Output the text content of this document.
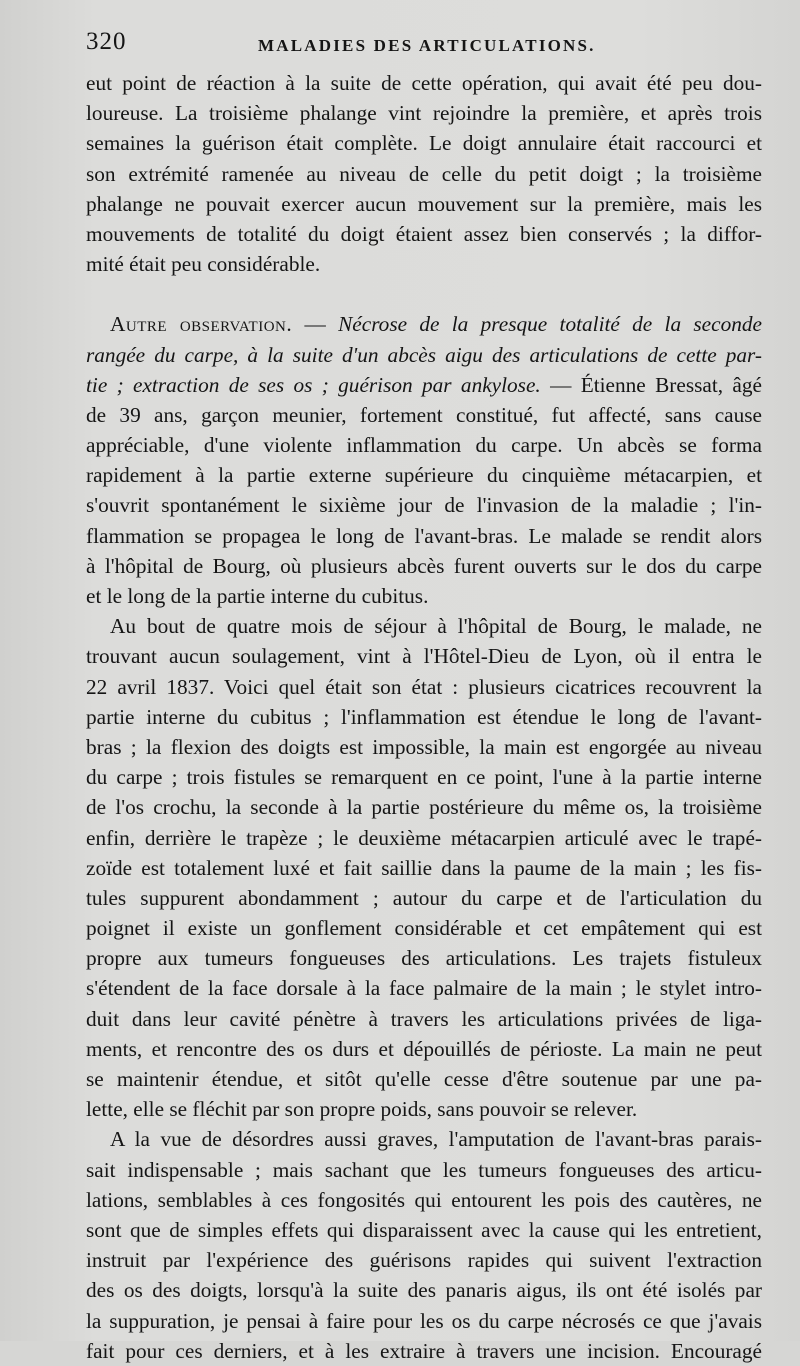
320	MALADIES DES ARTICULATIONS.
eut point de réaction à la suite de cette opération, qui avait été peu dou-
loureuse. La troisième phalange vint rejoindre la première, et après trois
semaines la guérison était complète. Le doigt annulaire était raccourci et
son extrémité ramenée au niveau de celle du petit doigt ; la troisième
phalange ne pouvait exercer aucun mouvement sur la première, mais les
mouvements de totalité du doigt étaient assez bien conservés ; la diffor-
mité était peu considérable.
Autre observation. — Nécrose de la presque totalité de la seconde
rangée du carpe, à la suite d'un abcès aigu des articulations de cette par-
tie ; extraction de ses os ; guérison par ankylose. — Étienne Bressat, âgé
de 39 ans, garçon meunier, fortement constitué, fut affecté, sans cause
appréciable, d'une violente inflammation du carpe. Un abcès se forma
rapidement à la partie externe supérieure du cinquième métacarpien, et
s'ouvrit spontanément le sixième jour de l'invasion de la maladie ; l'in-
flammation se propagea le long de l'avant-bras. Le malade se rendit alors
à l'hôpital de Bourg, où plusieurs abcès furent ouverts sur le dos du carpe
et le long de la partie interne du cubitus.
Au bout de quatre mois de séjour à l'hôpital de Bourg, le malade, ne
trouvant aucun soulagement, vint à l'Hôtel-Dieu de Lyon, où il entra le
22 avril 1837. Voici quel était son état : plusieurs cicatrices recouvrent la
partie interne du cubitus ; l'inflammation est étendue le long de l'avant-
bras ; la flexion des doigts est impossible, la main est engorgée au niveau
du carpe ; trois fistules se remarquent en ce point, l'une à la partie interne
de l'os crochu, la seconde à la partie postérieure du même os, la troisième
enfin, derrière le trapèze ; le deuxième métacarpien articulé avec le trapé-
zoïde est totalement luxé et fait saillie dans la paume de la main ; les fis-
tules suppurent abondamment ; autour du carpe et de l'articulation du
poignet il existe un gonflement considérable et cet empâtement qui est
propre aux tumeurs fongueuses des articulations. Les trajets fistuleux
s'étendent de la face dorsale à la face palmaire de la main ; le stylet intro-
duit dans leur cavité pénètre à travers les articulations privées de liga-
ments, et rencontre des os durs et dépouillés de périoste. La main ne peut
se maintenir étendue, et sitôt qu'elle cesse d'être soutenue par une pa-
lette, elle se fléchit par son propre poids, sans pouvoir se relever.
A la vue de désordres aussi graves, l'amputation de l'avant-bras parais-
sait indispensable ; mais sachant que les tumeurs fongueuses des articu-
lations, semblables à ces fongosités qui entourent les pois des cautères, ne
sont que de simples effets qui disparaissent avec la cause qui les entretient,
instruit par l'expérience des guérisons rapides qui suivent l'extraction
des os des doigts, lorsqu'à la suite des panaris aigus, ils ont été isolés par
la suppuration, je pensai à faire pour les os du carpe nécrosés ce que j'avais
fait pour ces derniers, et à les extraire à travers une incision. Encouragé
